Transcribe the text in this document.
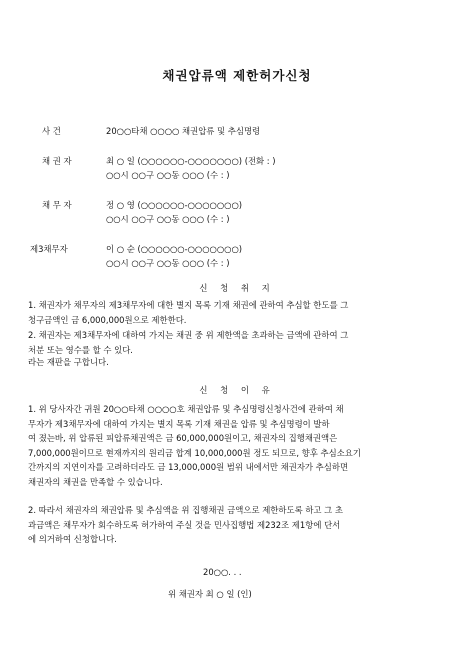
채권압류액 제한허가신청
사 건	20○○타채 ○○○○ 채권압류 및 추심명령
채 권 자	최 ○ 일 (○○○○○○-○○○○○○○) (전화 : )
○○시 ○○구 ○○동 ○○○ (수 : )
채 무 자	정 ○ 영 (○○○○○○-○○○○○○○)
○○시 ○○구 ○○동 ○○○ (수 : )
제3채무자	이 ○ 순 (○○○○○○-○○○○○○○)
○○시 ○○구 ○○동 ○○○ (수 : )
신 청 취 지
1. 채권자가 채무자의 제3채무자에 대한 별지 목록 기재 채권에 관하여 추심할 한도를 그
청구금액인 금 6,000,000원으로 제한한다.
2. 채권자는 제3채무자에 대하여 가지는 채권 중 위 제한액을 초과하는 금액에 관하여 그
처분 또는 영수를 할 수 있다.
라는 재판을 구합니다.
신 청 이 유
1. 위 당사자간 귀원 20○○타채 ○○○○호 채권압류 및 추심명령신청사건에 관하여 채
무자가 제3채무자에 대하여 가지는 별지 목록 기재 채권을 압류 및 추심명령이 발하
여 졌는바, 위 압류된 피압류채권액은 금 60,000,000원이고, 채권자의 집행채권액은
7,000,000원이므로 현재까지의 원리금 합계 10,000,000원 정도 되므로, 향후 추심소요기
간까지의 지연이자를 고려하더라도 금 13,000,000원 범위 내에서만 채권자가 추심하면
채권자의 채권을 만족할 수 있습니다.
2. 따라서 채권자의 채권압류 및 추심액을 위 집행채권 금액으로 제한하도록 하고 그 초
과금액은 채무자가 회수하도록 허가하여 주실 것을 민사집행법 제232조 제1항에 단서
에 의거하여 신청합니다.
20○○. . .
위 채권자 최 ○ 일 (인)
